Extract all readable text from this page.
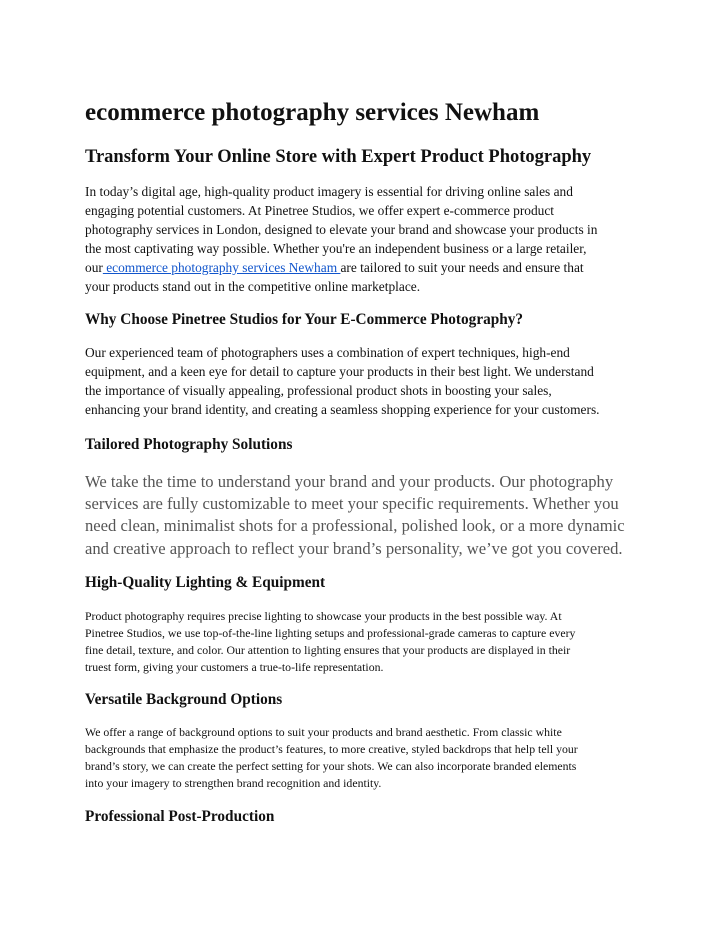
ecommerce photography services Newham
Transform Your Online Store with Expert Product Photography
In today’s digital age, high-quality product imagery is essential for driving online sales and
engaging potential customers. At Pinetree Studios, we offer expert e-commerce product
photography services in London, designed to elevate your brand and showcase your products in
the most captivating way possible. Whether you're an independent business or a large retailer,
our ecommerce photography services Newham are tailored to suit your needs and ensure that
your products stand out in the competitive online marketplace.
Why Choose Pinetree Studios for Your E-Commerce Photography?
Our experienced team of photographers uses a combination of expert techniques, high-end
equipment, and a keen eye for detail to capture your products in their best light. We understand
the importance of visually appealing, professional product shots in boosting your sales,
enhancing your brand identity, and creating a seamless shopping experience for your customers.
Tailored Photography Solutions
We take the time to understand your brand and your products. Our photography
services are fully customizable to meet your specific requirements. Whether you
need clean, minimalist shots for a professional, polished look, or a more dynamic
and creative approach to reflect your brand’s personality, we’ve got you covered.
High-Quality Lighting & Equipment
Product photography requires precise lighting to showcase your products in the best possible way. At
Pinetree Studios, we use top-of-the-line lighting setups and professional-grade cameras to capture every
fine detail, texture, and color. Our attention to lighting ensures that your products are displayed in their
truest form, giving your customers a true-to-life representation.
Versatile Background Options
We offer a range of background options to suit your products and brand aesthetic. From classic white
backgrounds that emphasize the product’s features, to more creative, styled backdrops that help tell your
brand’s story, we can create the perfect setting for your shots. We can also incorporate branded elements
into your imagery to strengthen brand recognition and identity.
Professional Post-Production
